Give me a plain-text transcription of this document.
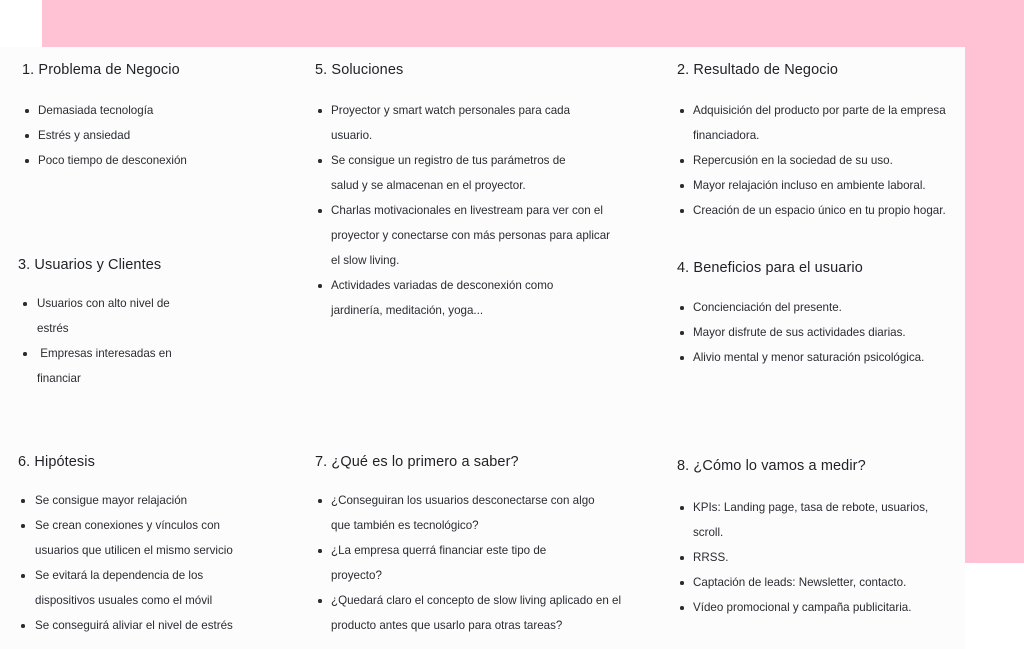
1. Problema de Negocio
Demasiada tecnología
Estrés y ansiedad
Poco tiempo de desconexión
3. Usuarios y Clientes
Usuarios con alto nivel de estrés
Empresas interesadas en financiar
6. Hipótesis
Se consigue mayor relajación
Se crean conexiones y vínculos con usuarios que utilicen el mismo servicio
Se evitará la dependencia de los dispositivos usuales como el móvil
Se conseguirá aliviar el nivel de estrés
5. Soluciones
Proyector y smart watch personales para cada usuario.
Se consigue un registro de tus parámetros de salud y se almacenan en el proyector.
Charlas motivacionales en livestream para ver con el proyector y conectarse con más personas para aplicar el slow living.
Actividades variadas de desconexión como jardinería, meditación, yoga...
7. ¿Qué es lo primero a saber?
¿Conseguiran los usuarios desconectarse con algo que también es tecnológico?
¿La empresa querrá financiar este tipo de proyecto?
¿Quedará claro el concepto de slow living aplicado en el producto antes que usarlo para otras tareas?
2. Resultado de Negocio
Adquisición del producto por parte de la empresa financiadora.
Repercusión en la sociedad de su uso.
Mayor relajación incluso en ambiente laboral.
Creación de un espacio único en tu propio hogar.
4. Beneficios para el usuario
Concienciación del presente.
Mayor disfrute de sus actividades diarias.
Alivio mental y menor saturación psicológica.
8. ¿Cómo lo vamos a medir?
KPIs: Landing page, tasa de rebote, usuarios, scroll.
RRSS.
Captación de leads: Newsletter, contacto.
Vídeo promocional y campaña publicitaria.
